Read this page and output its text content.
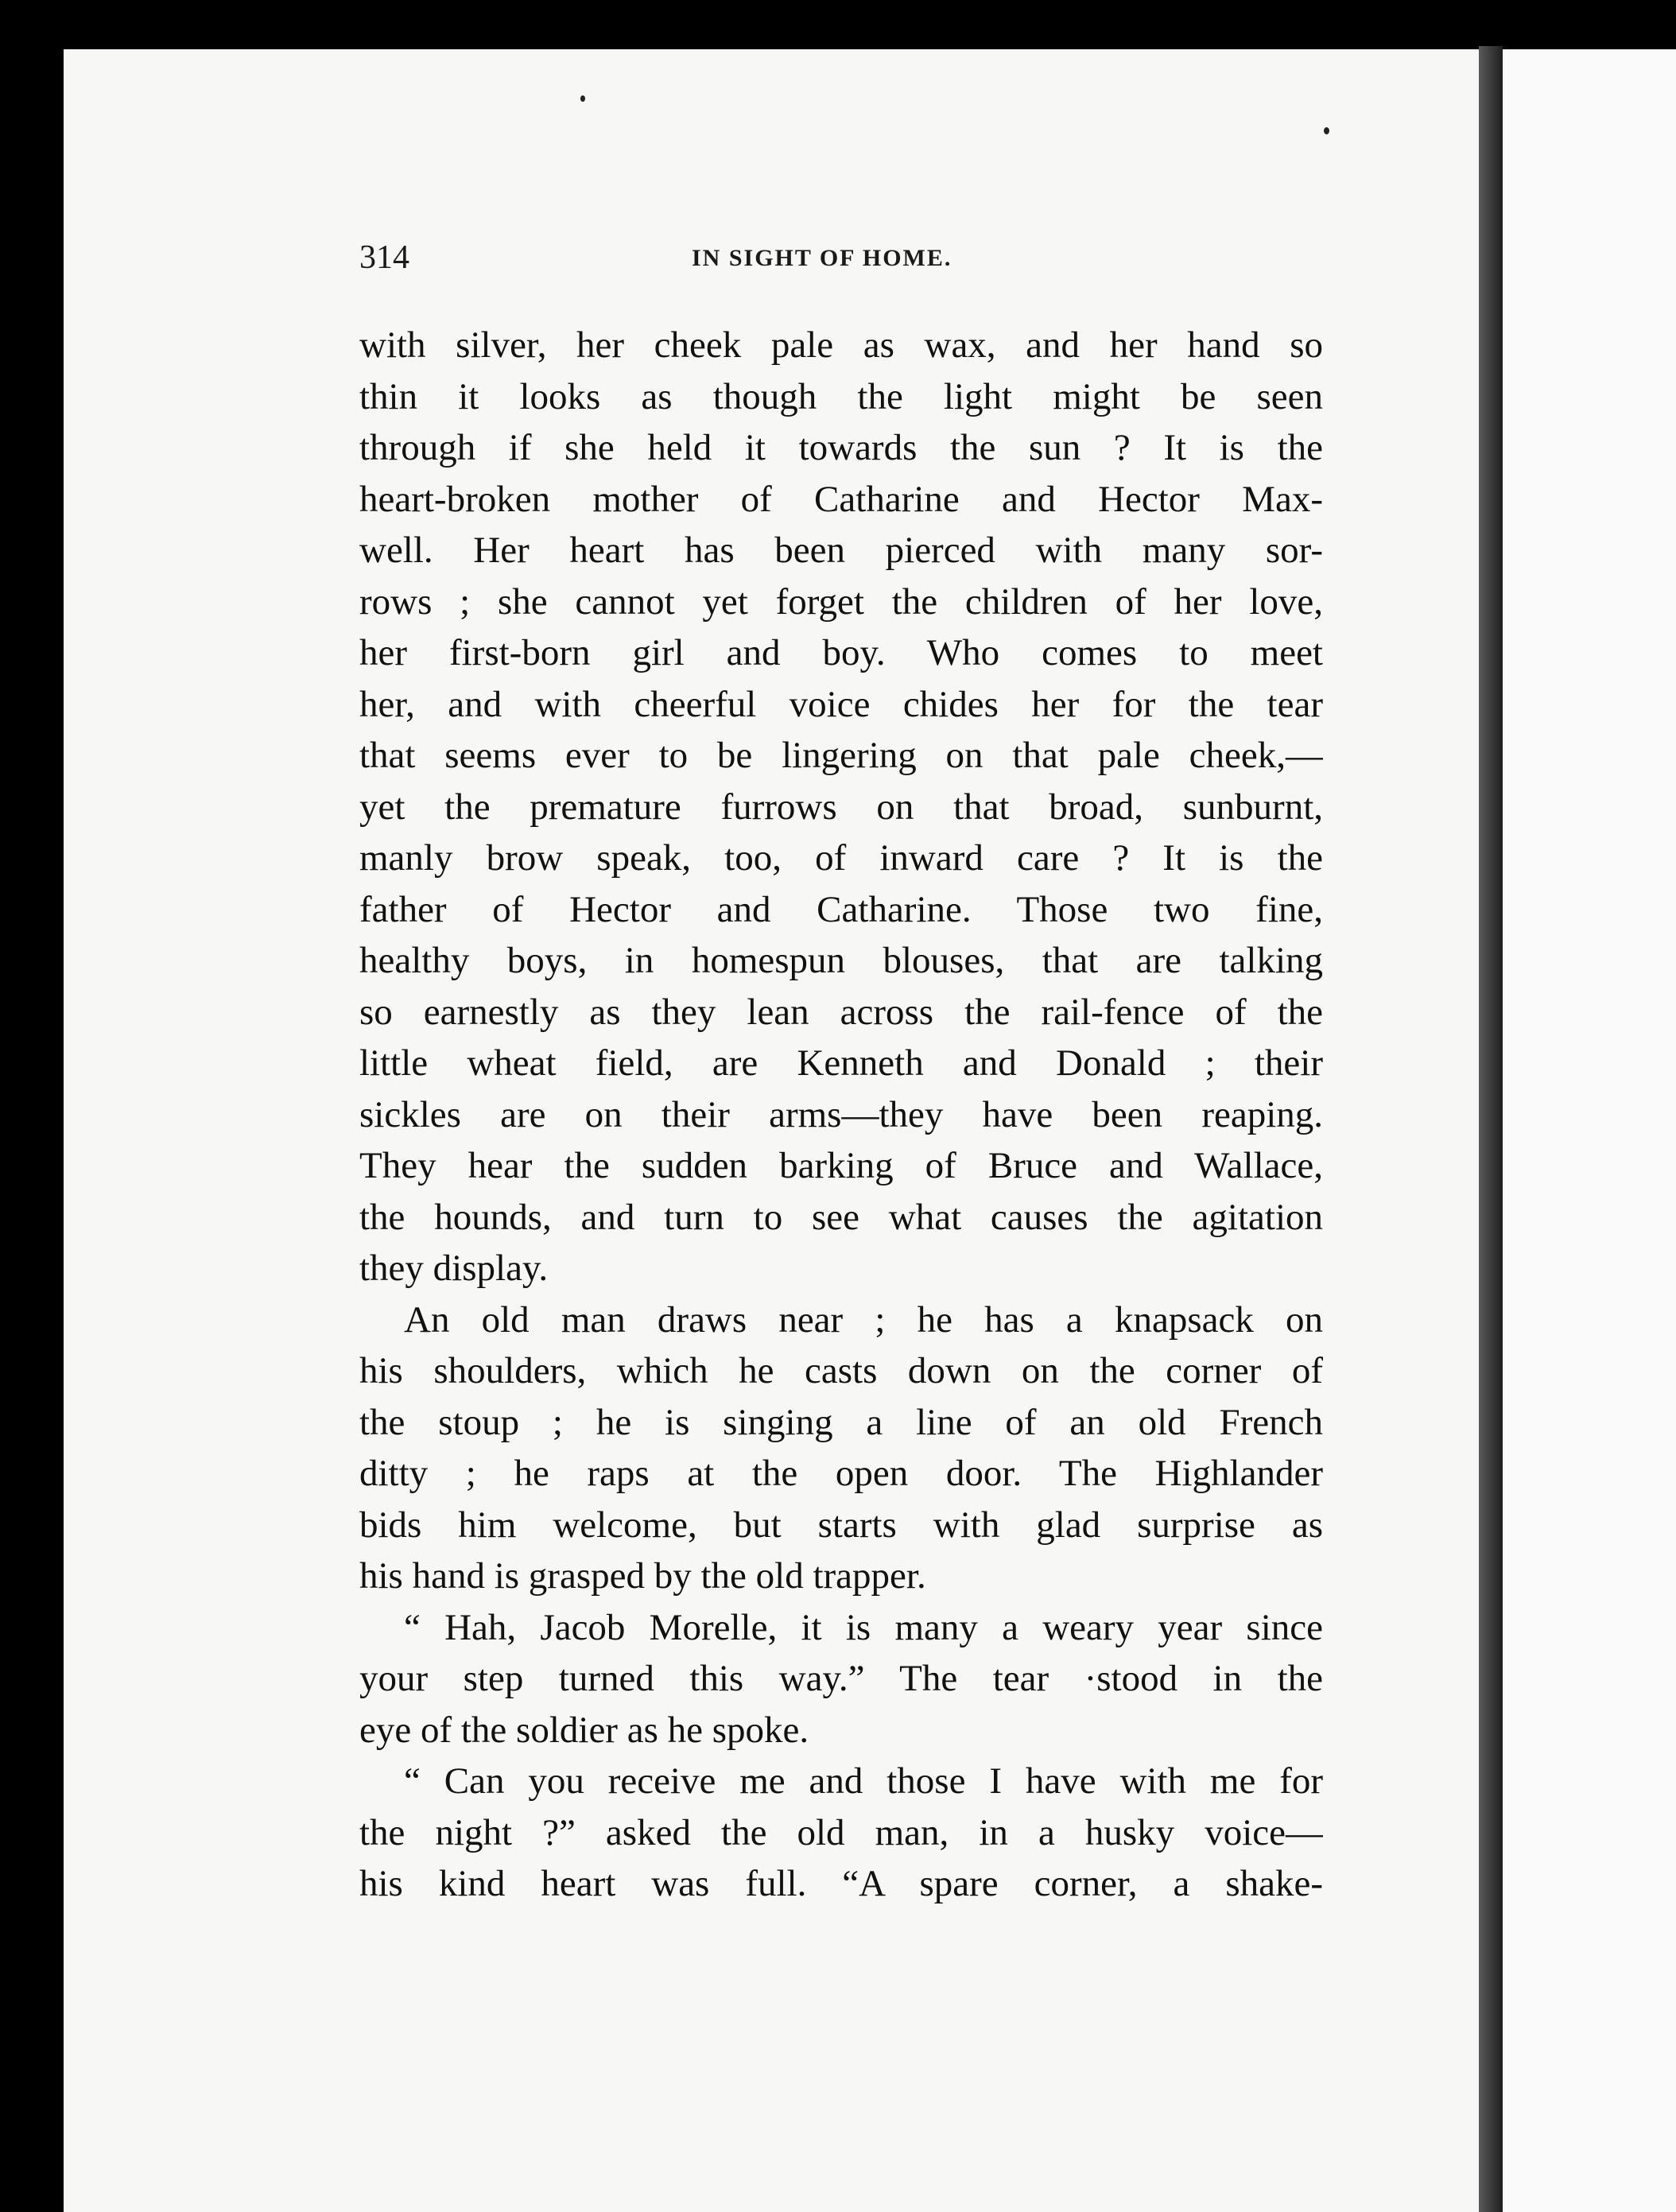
314	IN SIGHT OF HOME.
with silver, her cheek pale as wax, and her hand so
thin it looks as though the light might be seen
through if she held it towards the sun ? It is the
heart-broken mother of Catharine and Hector Max-
well. Her heart has been pierced with many sor-
rows ; she cannot yet forget the children of her love,
her first-born girl and boy. Who comes to meet
her, and with cheerful voice chides her for the tear
that seems ever to be lingering on that pale cheek,—
yet the premature furrows on that broad, sunburnt,
manly brow speak, too, of inward care ? It is the
father of Hector and Catharine. Those two fine,
healthy boys, in homespun blouses, that are talking
so earnestly as they lean across the rail-fence of the
little wheat field, are Kenneth and Donald ; their
sickles are on their arms—they have been reaping.
They hear the sudden barking of Bruce and Wallace,
the hounds, and turn to see what causes the agitation
they display.
An old man draws near ; he has a knapsack on
his shoulders, which he casts down on the corner of
the stoup ; he is singing a line of an old French
ditty ; he raps at the open door. The Highlander
bids him welcome, but starts with glad surprise as
his hand is grasped by the old trapper.
“ Hah, Jacob Morelle, it is many a weary year since
your step turned this way.” The tear ·stood in the
eye of the soldier as he spoke.
“ Can you receive me and those I have with me for
the night ?” asked the old man, in a husky voice—
his kind heart was full. “A spare corner, a shake-
